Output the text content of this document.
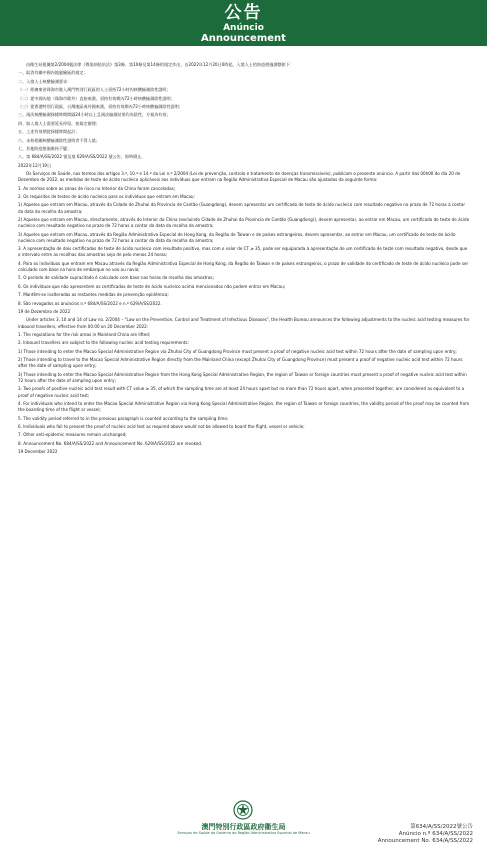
公告
Anúncio
Announcement

由衞生局根據第2/2004號法律《傳染病防治法》第3條、第10條及第14條的規定作出，自2022年12月20日0時起，入境人士的防疫措施調整如下：

一、取消有關中國內地風險區的規定；

二、入境人士核酸檢測要求：

（一）經廣東省珠海市進入澳門特別行政區的人士須持72小時內核酸檢測陰性證明；

（二）從中國內地（珠海市除外）直接來澳，須持有效期內72小時核酸檢測陰性證明；

（三）從香港特別行政區、台灣地區或外國來澳，須持有效期內72小時核酸檢測陰性證明；

三、兩次核酸檢測採樣時間間隔24小時以上且兩次檢測結果均為陰性，方視為有效；

四、如入境人士需要延長停留，按規定辦理；

五、上述有效期從採樣時間起計；

六、未持相關核酸檢測陰性證明者不得入境；

七、其他防疫措施維持不變；

八、第 684/A/SS/2022 號及第 629/A/SS/2022 號公告，即時廢止。

2022年12月19日

Os Serviços de Saúde, nos termos dos artigos 3.º, 10.º e 14.º da Lei n.º 2/2004 (Lei de prevenção, controlo e tratamento de doenças transmissíveis), publicam o presente anúncio. A partir das 00h00 do dia 20 de Dezembro de 2022, as medidas de teste de ácido nucleico aplicáveis aos indivíduos que entram na Região Administrativa Especial de Macau são ajustadas da seguinte forma:

1. As normas sobre as zonas de risco no Interior da China foram canceladas;

2. Os requisitos de testes de ácido nucleico para os indivíduos que entram em Macau:

1) Aqueles que entram em Macau, através da Cidade de Zhuhai da Província de Cantão (Guangdong), devem apresentar um certificado de teste de ácido nucleico com resultado negativo no prazo de 72 horas a contar da data da recolha da amostra;

2) Aqueles que entram em Macau, directamente, através do Interior da China (excluindo Cidade de Zhuhai da Província de Cantão (Guangdong)), devem apresentar, ao entrar em Macau, um certificado de teste de ácido nucleico com resultado negativo no prazo de 72 horas a contar da data da recolha da amostra;

3) Aqueles que entram em Macau, através da Região Administrativa Especial de Hong Kong, da Região de Taiwan e de países estrangeiros, devem apresentar, ao entrar em Macau, um certificado de teste de ácido nucleico com resultado negativo no prazo de 72 horas a contar da data da recolha da amostra;

3. A apresentação de dois certificados de teste de ácido nucleico com resultado positivo, mas com o valor de CT ≥ 35, pode ser equiparada à apresentação de um certificado de teste com resultado negativo, desde que o intervalo entre as recolhas das amostras seja de pelo menos 24 horas;

4. Para os indivíduos que entram em Macau através da Região Administrativa Especial de Hong Kong, da Região de Taiwan e de países estrangeiros, o prazo de validade do certificado de teste de ácido nucleico pode ser calculado com base na hora de embarque no voo ou navio;

5. O período de validade supracitado é calculado com base nas horas de recolha das amostras;

6. Os indivíduos que não apresentem os certificados de teste de ácido nucleico acima mencionados não podem entrar em Macau;

7. Mantêm-se inalteradas as restantes medidas de prevenção epidémica;

8. São revogados os anúncios n.º 684/A/SS/2022 e n.º 629/A/SS/2022.

19 de Dezembro de 2022

Under articles 3, 10 and 14 of Law no. 2/2004 – "Law on the Prevention, Control and Treatment of Infectious Diseases", the Health Bureau announces the following adjustments to the nucleic acid testing measures for inbound travellers, effective from 00:00 on 20 December 2022:

1. The regulations for the risk areas in Mainland China are lifted;

2. Inbound travellers are subject to the following nucleic acid testing requirements:

1) Those intending to enter the Macao Special Administrative Region via Zhuhai City of Guangdong Province must present a proof of negative nucleic acid test within 72 hours after the date of sampling upon entry;

2) Those intending to travel to the Macao Special Administrative Region directly from the Mainland China (except Zhuhai City of Guangdong Province) must present a proof of negative nucleic acid test within 72 hours after the date of sampling upon entry;

3) Those intending to enter the Macao Special Administrative Region from the Hong Kong Special Administrative Region, the region of Taiwan or foreign countries must present a proof of negative nucleic acid test within 72 hours after the date of sampling upon entry;

3. Two proofs of positive nucleic acid test result with CT value ≥ 35, of which the sampling time are at least 24 hours apart but no more than 72 hours apart, when presented together, are considered as equivalent to a proof of negative nucleic acid test;

4. For individuals who intend to enter the Macao Special Administrative Region via Hong Kong Special Administrative Region, the region of Taiwan or foreign countries, the validity period of the proof may be counted from the boarding time of the flight or vessel;

5. The validity period referred to in the previous paragraph is counted according to the sampling time;

6. Individuals who fail to present the proof of nucleic acid test as required above would not be allowed to board the flight, vessel or vehicle;

7. Other anti-epidemic measures remain unchanged;

8. Announcement No. 684/A/SS/2022 and Announcement No. 629/A/SS/2022 are revoked.

19 December 2022

澳門特別行政區政府衞生局
Serviços de Saúde do Governo da Região Administrativa Especial de Macau
第634/A/SS/2022號公告
Anúncio n.º 634/A/SS/2022
Announcement No. 634/A/SS/2022
